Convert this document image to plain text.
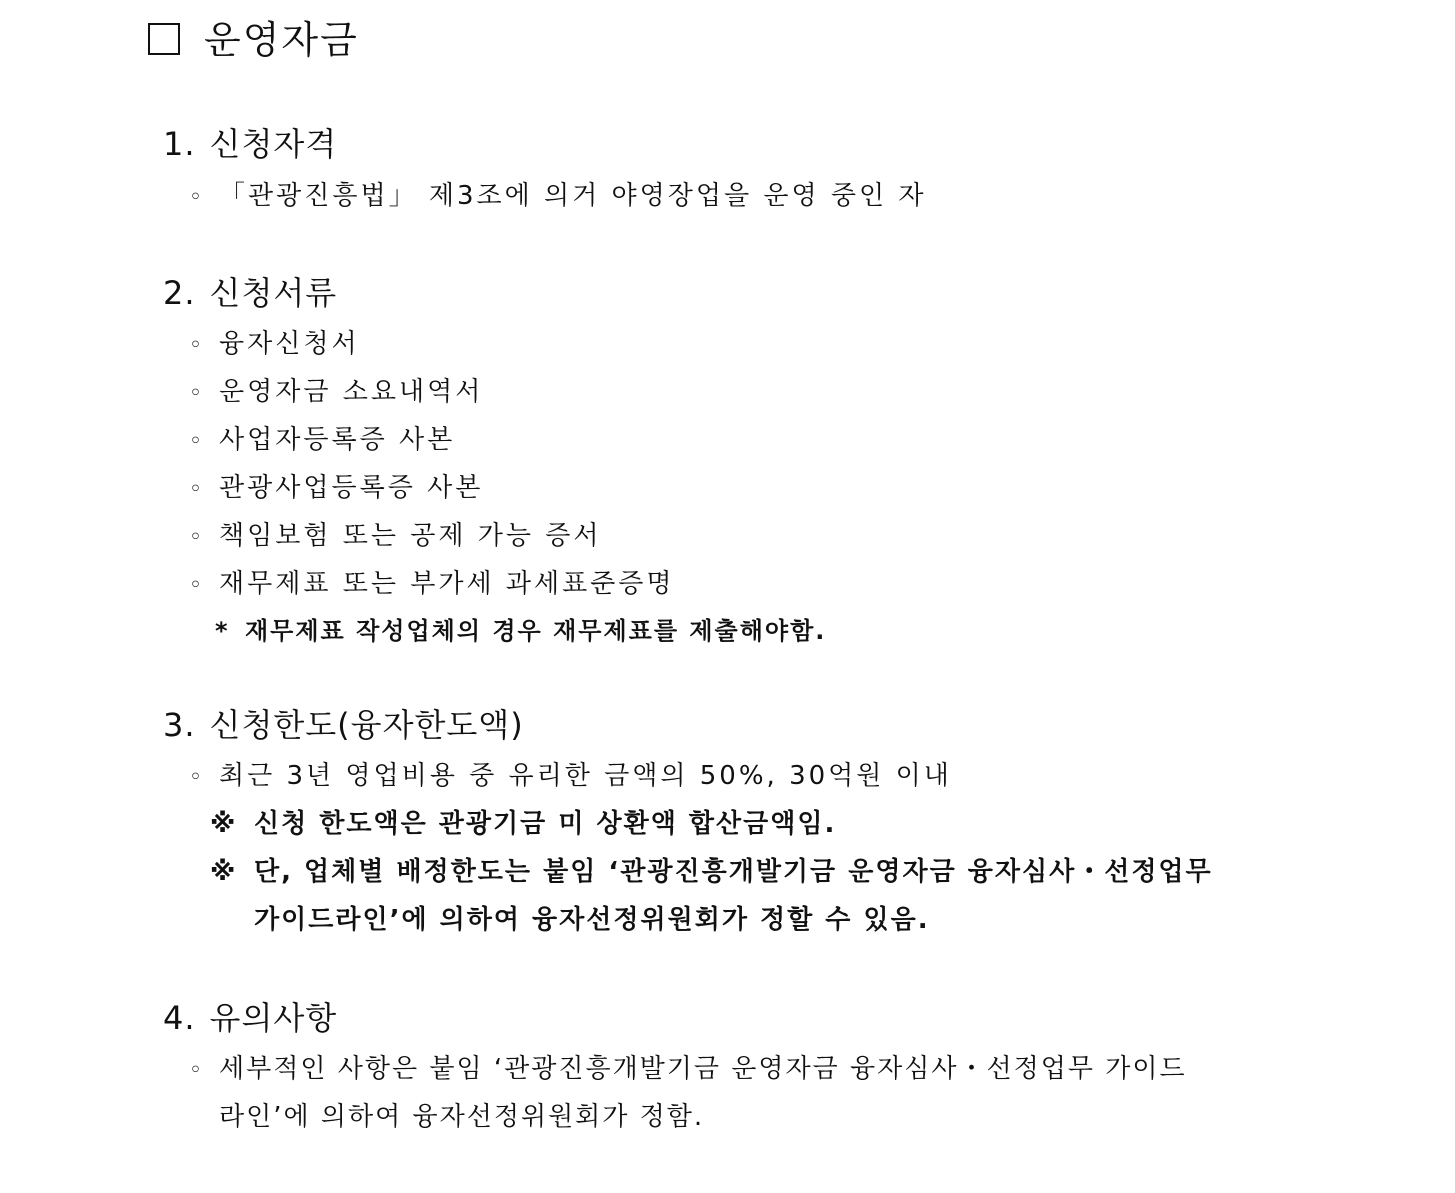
운영자금
1. 신청자격
◦ 「관광진흥법」 제3조에 의거 야영장업을 운영 중인 자
2. 신청서류
◦ 융자신청서
◦ 운영자금 소요내역서
◦ 사업자등록증 사본
◦ 관광사업등록증 사본
◦ 책임보험 또는 공제 가능 증서
◦ 재무제표 또는 부가세 과세표준증명
* 재무제표 작성업체의 경우 재무제표를 제출해야함.
3. 신청한도(융자한도액)
◦ 최근 3년 영업비용 중 유리한 금액의 50%, 30억원 이내
※ 신청 한도액은 관광기금 미 상환액 합산금액임.
※ 단, 업체별 배정한도는 붙임 ‘관광진흥개발기금 운영자금 융자심사・선정업무
가이드라인’에 의하여 융자선정위원회가 정할 수 있음.
4. 유의사항
◦ 세부적인 사항은 붙임 ‘관광진흥개발기금 운영자금 융자심사・선정업무 가이드
라인’에 의하여 융자선정위원회가 정함.
